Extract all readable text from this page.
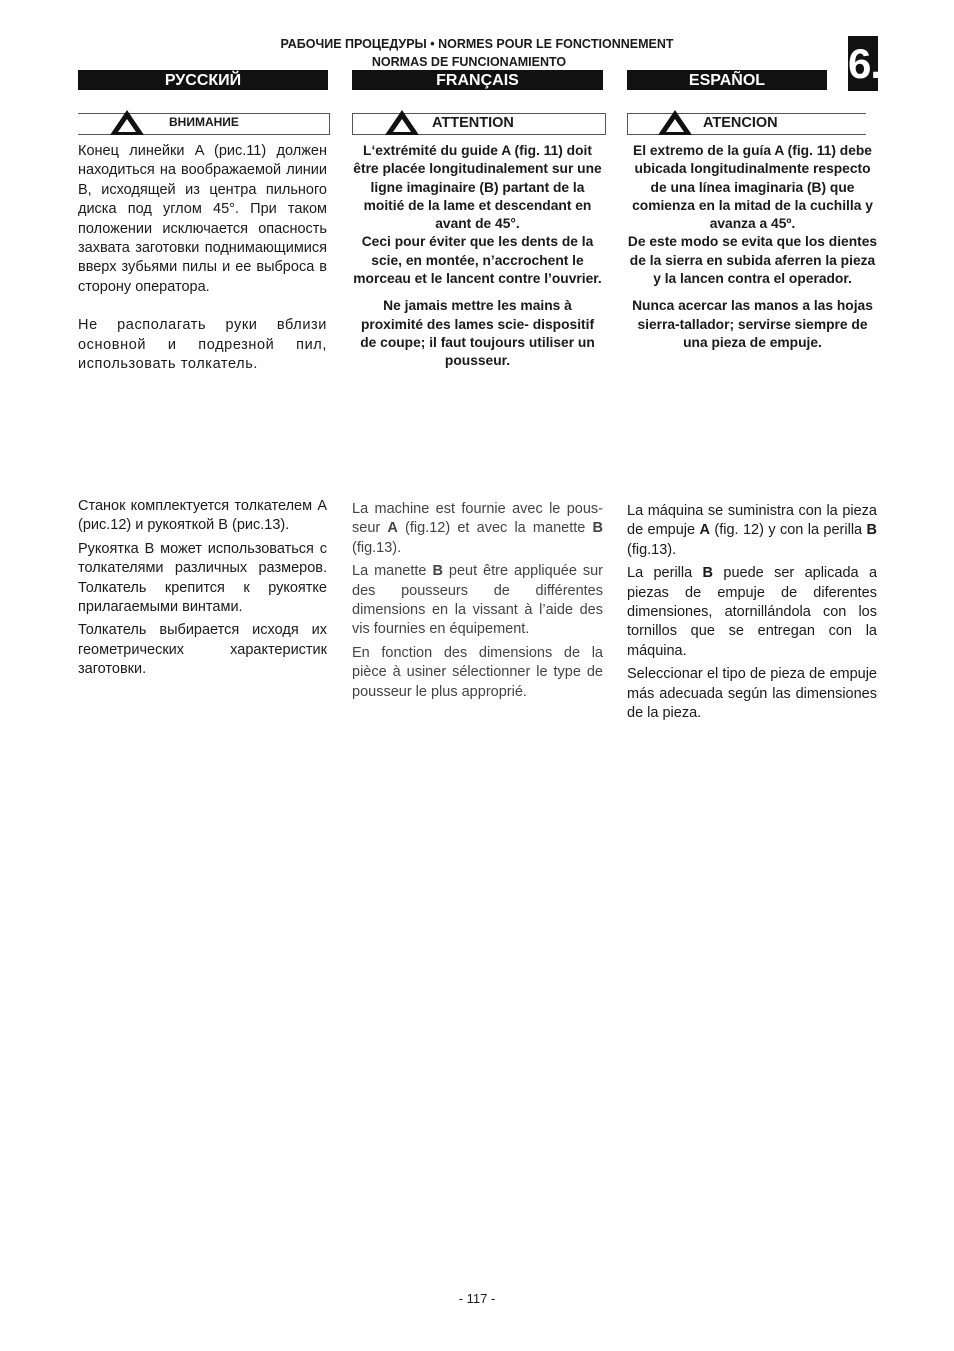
РАБОЧИЕ ПРОЦЕДУРЫ • NORMES POUR LE FONCTIONNEMENT
NORMAS DE FUNCIONAMIENTO	6.
РУССКИЙ	FRANÇAIS	ESPAÑOL
ВНИМАНИЕ	ATTENTION	ATENCION

Конец линейки A (рис.11) должен находиться на воображаемой линии B, исходящей из центра пильного диска под углом 45°. При таком положении исключается опасность захвата заготовки поднимающимися вверх зубьями пилы и ее выброса в сторону оператора.

Не располагать руки вблизи основной и подрезной пил, использовать толкатель.

L‘extrémité du guide A (fig. 11) doit être placée longitudinalement sur une ligne imaginaire (B) partant de la moitié de la lame et descendant en avant de 45°.

Ceci pour éviter que les dents de la scie, en montée, n’accrochent le morceau et le lancent contre l’ouvrier.

Ne jamais mettre les mains à proximité des lames scie- dispositif de coupe; il faut toujours utiliser un pousseur.

El extremo de la guía A (fig. 11) debe ubicada longitudinalmente respecto de una línea imaginaria (B) que comienza en la mitad de la cuchilla y avanza a 45º.

De este modo se evita que los dientes de la sierra en subida aferren la pieza y la lancen contra el operador.

Nunca acercar las manos a las hojas sierra-tallador; servirse siempre de una pieza de empuje.

Станок комплектуется толкателем A (рис.12) и рукояткой B (рис.13).

Рукоятка B может использоваться с толкателями различных размеров. Толкатель крепится к рукоятке прилагаемыми винтами.

Толкатель выбирается исходя их геометрических характеристик заготовки.

La machine est fournie avec le pous-seur A (fig.12) et avec la manette B (fig.13).

La manette B peut être appliquée sur des pousseurs de différentes dimensions en la vissant à l’aide des vis fournies en équipement.

En fonction des dimensions de la pièce à usiner sélectionner le type de pousseur le plus approprié.

La máquina se suministra con la pieza de empuje A (fig. 12) y con la perilla B (fig.13).

La perilla B puede ser aplicada a piezas de empuje de diferentes dimensiones, atornillándola con los tornillos que se entregan con la máquina.

Seleccionar el tipo de pieza de empuje más adecuada según las dimensiones de la pieza.

- 117 -
